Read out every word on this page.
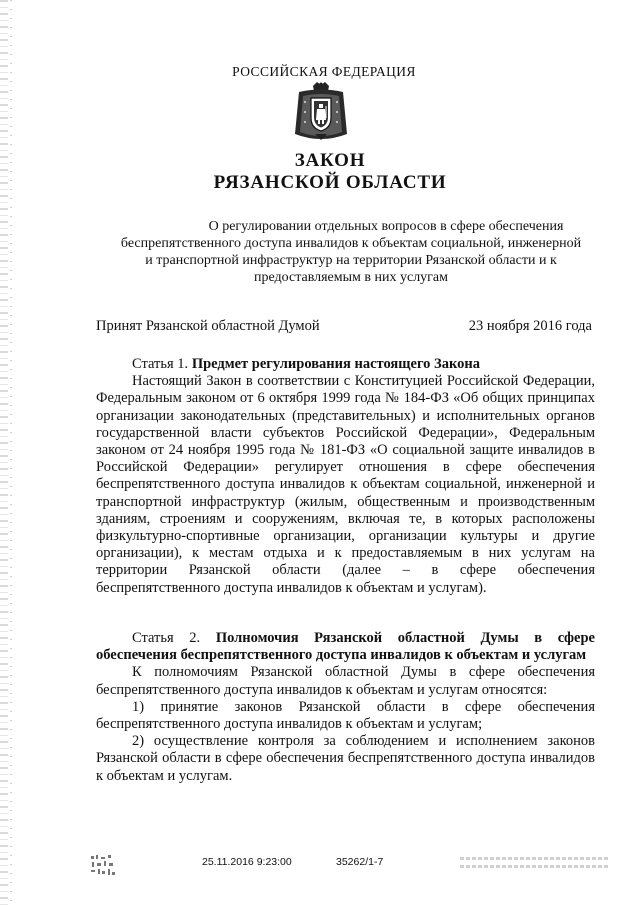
РОССИЙСКАЯ ФЕДЕРАЦИЯ
ЗАКОН
РЯЗАНСКОЙ ОБЛАСТИ
О регулировании отдельных вопросов в сфере обеспечения
беспрепятственного доступа инвалидов к объектам социальной, инженерной
и транспортной инфраструктур на территории Рязанской области и к
предоставляемым в них услугам
Принят Рязанской областной Думой	23 ноября 2016 года

Статья 1. Предмет регулирования настоящего Закона

Настоящий Закон в соответствии с Конституцией Российской Федерации, Федеральным законом от 6 октября 1999 года № 184-ФЗ «Об общих принципах организации законодательных (представительных) и исполнительных органов государственной власти субъектов Российской Федерации», Федеральным законом от 24 ноября 1995 года № 181-ФЗ «О социальной защите инвалидов в Российской Федерации» регулирует отношения в сфере обеспечения беспрепятственного доступа инвалидов к объектам социальной, инженерной и транспортной инфраструктур (жилым, общественным и производственным зданиям, строениям и сооружениям, включая те, в которых расположены физкультурно-спортивные организации, организации культуры и другие организации), к местам отдыха и к предоставляемым в них услугам на территории Рязанской области (далее – в сфере обеспечения беспрепятственного доступа инвалидов к объектам и услугам).

Статья 2. Полномочия Рязанской областной Думы в сфере обеспечения беспрепятственного доступа инвалидов к объектам и услугам

К полномочиям Рязанской областной Думы в сфере обеспечения беспрепятственного доступа инвалидов к объектам и услугам относятся:

1) принятие законов Рязанской области в сфере обеспечения беспрепятственного доступа инвалидов к объектам и услугам;

2) осуществление контроля за соблюдением и исполнением законов Рязанской области в сфере обеспечения беспрепятственного доступа инвалидов к объектам и услугам.

25.11.2016 9:23:00	35262/1-7
